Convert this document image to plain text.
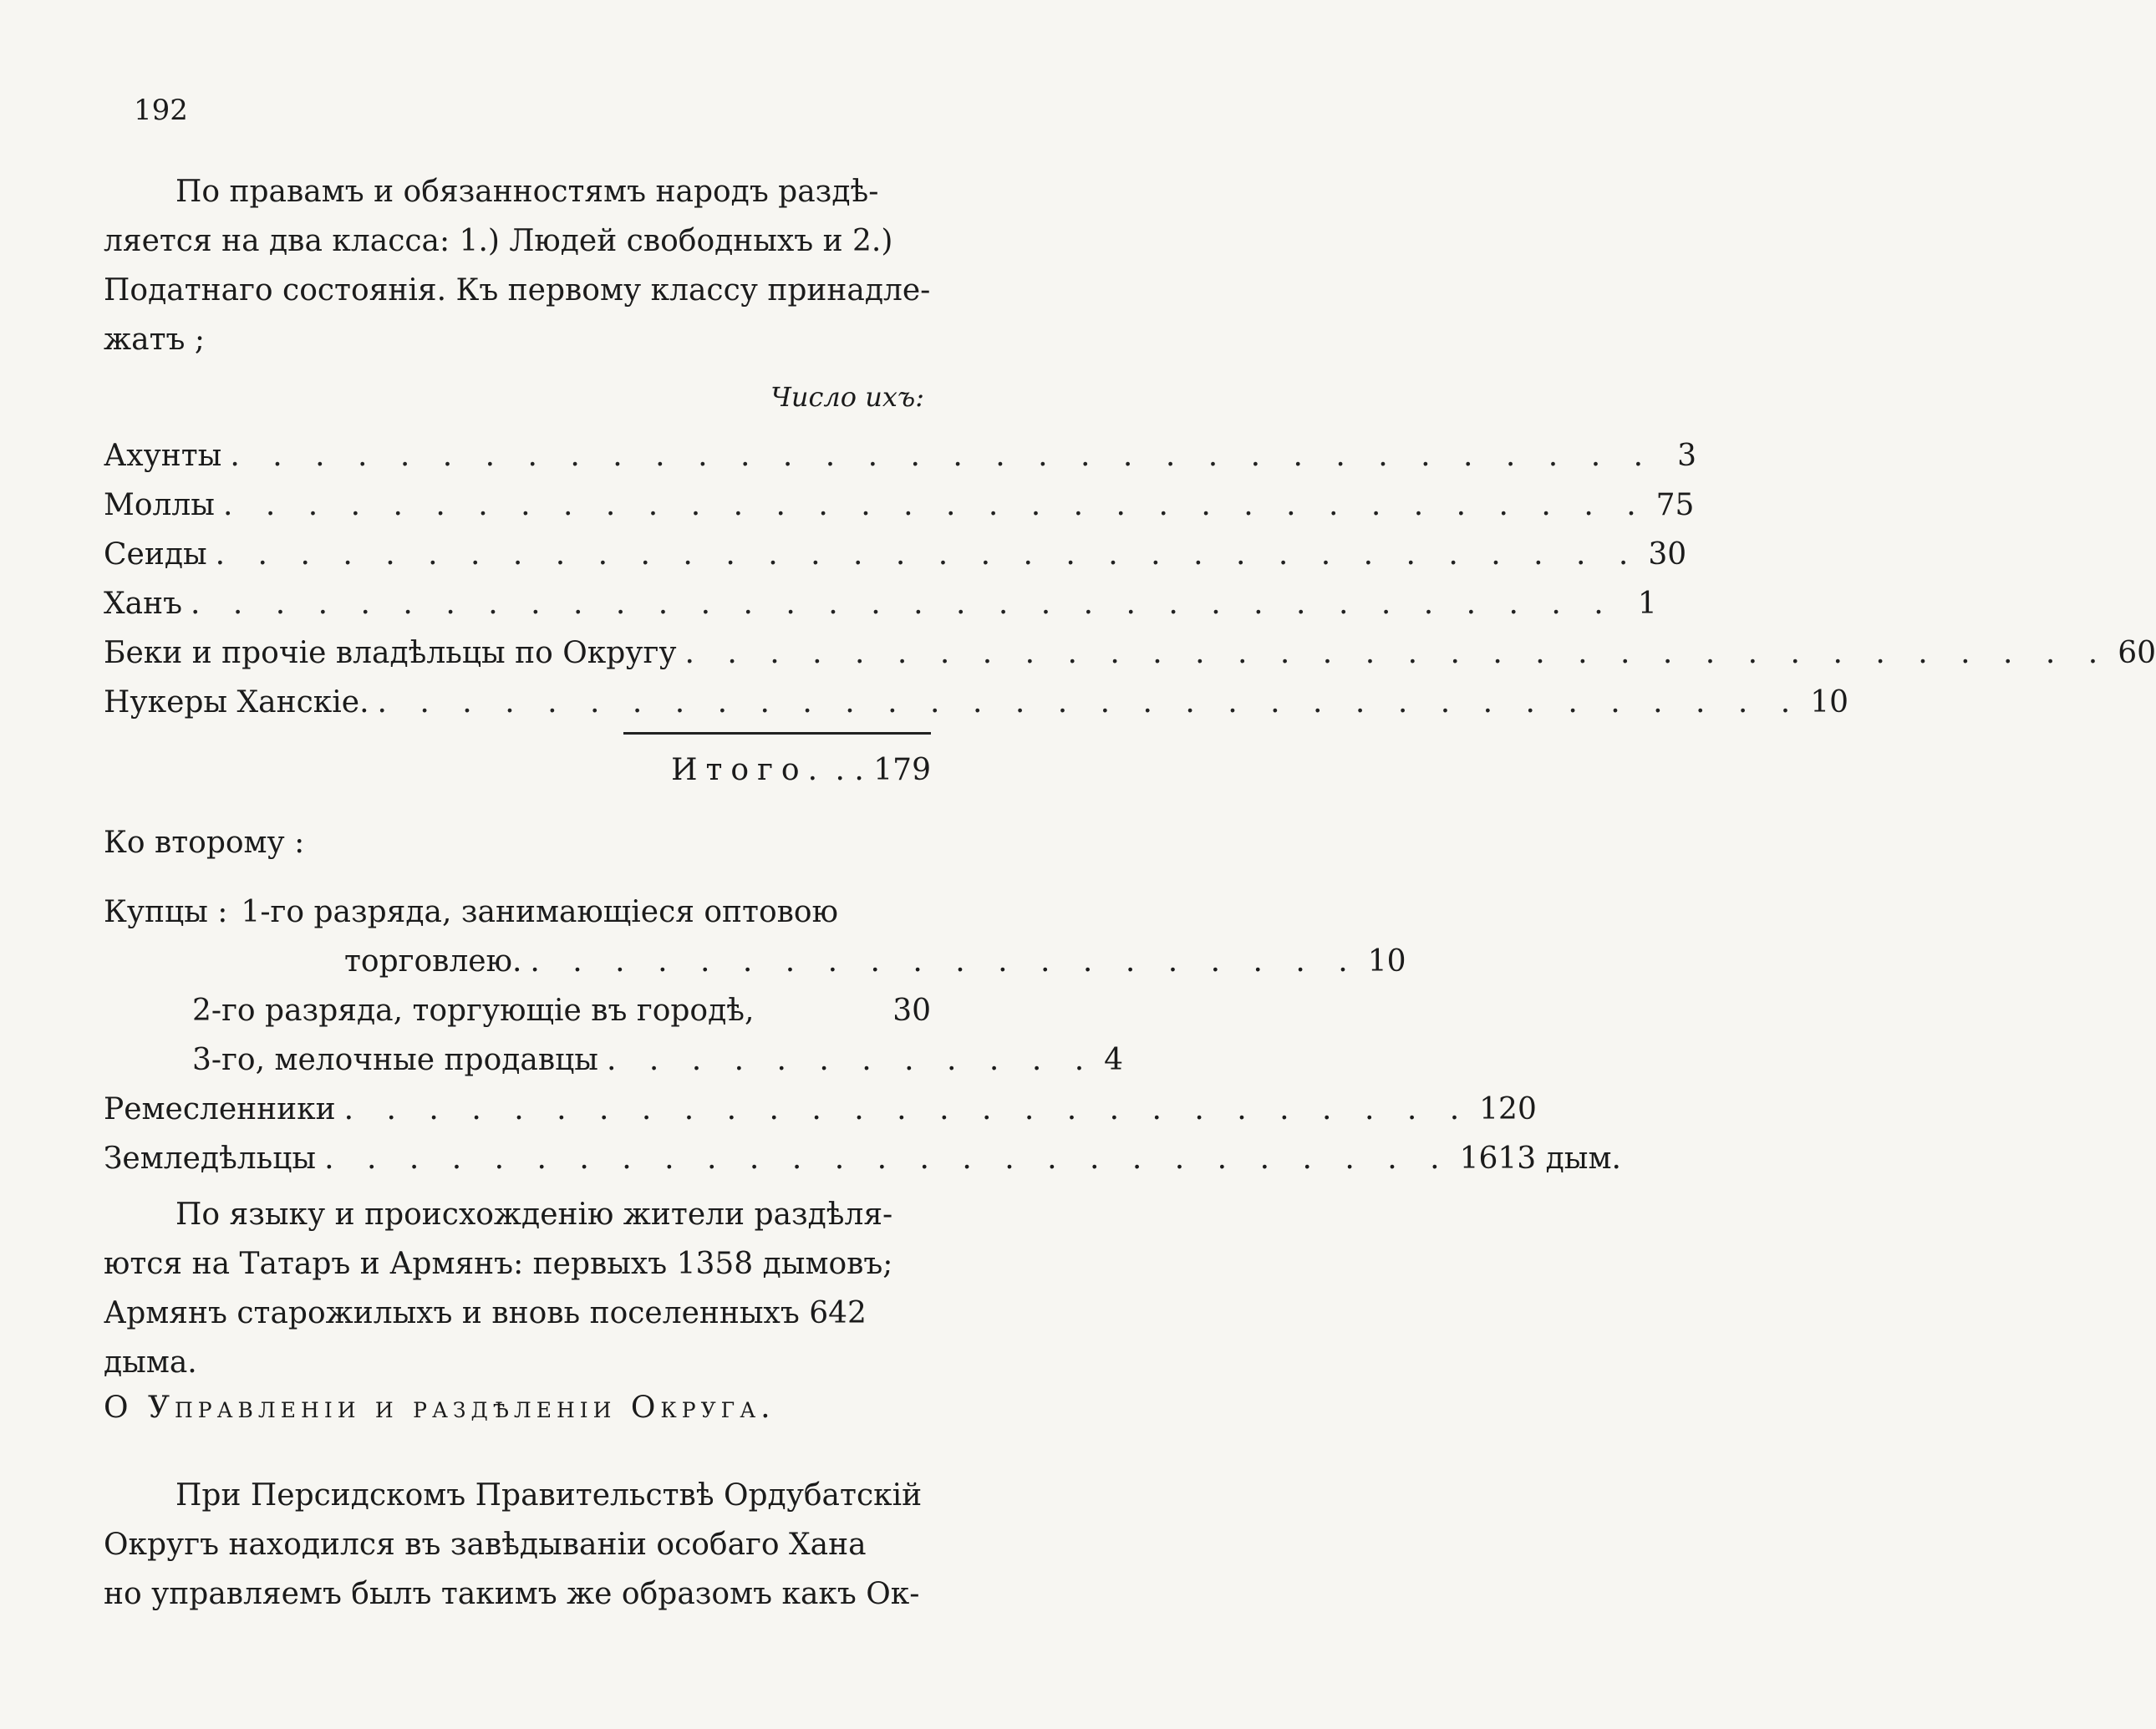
192
По правамъ и обязанностямъ народъ раздѣ-
ляется на два класса: 1.) Людей свободныхъ и 2.)
Податнаго состоянія. Къ первому классу принадле-
жатъ ;
Число ихъ:
Ахунты . . . . . . . . . . . . . . . . . . . . . . . . . . . . . . . . . . 3
Моллы . . . . . . . . . . . . . . . . . . . . . . . . . . . . . . . . . . 75
Сеиды . . . . . . . . . . . . . . . . . . . . . . . . . . . . . . . . . . 30
Ханъ . . . . . . . . . . . . . . . . . . . . . . . . . . . . . . . . . . 1
Беки и прочіе владѣльцы по Округу . . . . . . . . . . . . . . . . . . . . . . . . . . . . . . . . . . 60
Нукеры Ханскіе. . . . . . . . . . . . . . . . . . . . . . . . . . . . . . . . . . . 10
Итого. . . 179
Ко второму :
Купцы : 1-го разряда, занимающіеся оптовою
торговлею. . . . . . . . . . . . . . . . . . . . . 10
2-го разряда, торгующіе въ городѣ,	30
3-го, мелочные продавцы . . . . . . . . . . . . 4
Ремесленники . . . . . . . . . . . . . . . . . . . . . . . . . . . 120
Земледѣльцы . . . . . . . . . . . . . . . . . . . . . . . . . . . 1613 дым.
По языку и происхожденію жители раздѣля-
ются на Татаръ и Армянъ: первыхъ 1358 дымовъ;
Армянъ старожилыхъ и вновь поселенныхъ 642
дыма.
О Управленіи и раздѣленіи Округа.
При Персидскомъ Правительствѣ Ордубатскій
Округъ находился въ завѣдываніи особаго Хана
но управляемъ былъ такимъ же образомъ какъ Ок-
